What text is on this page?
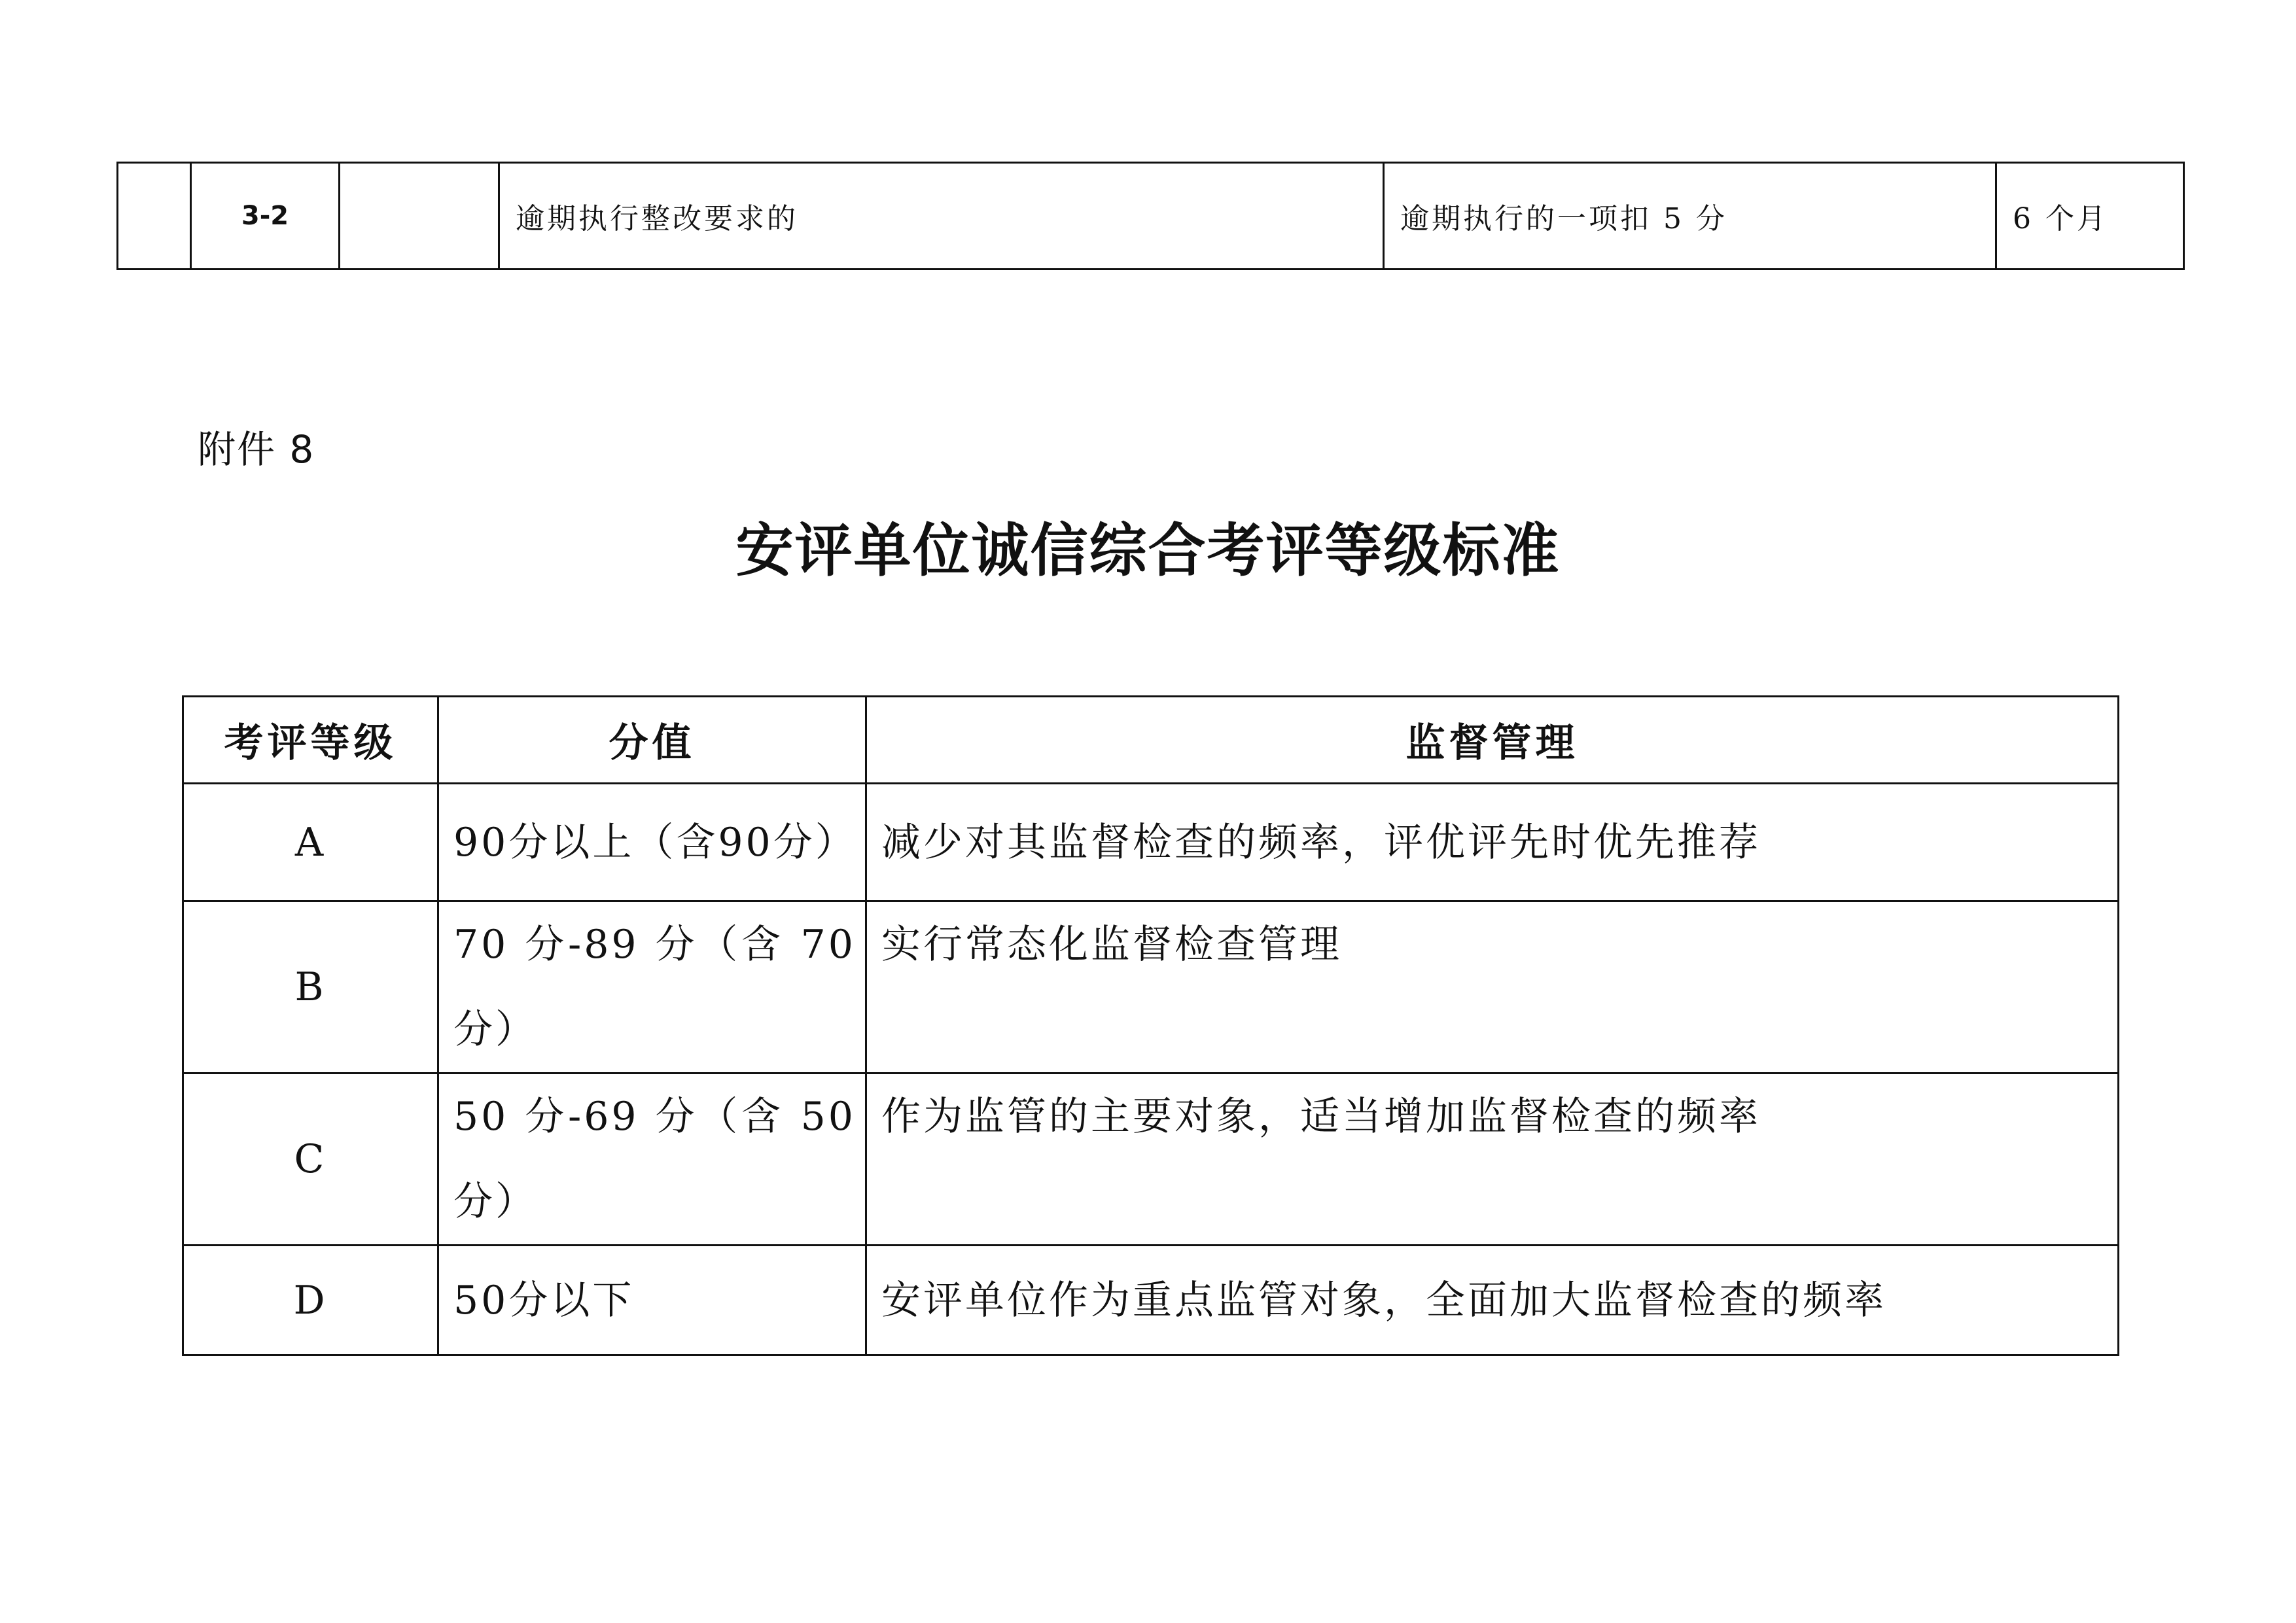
	3-2		逾期执行整改要求的	逾期执行的一项扣 5 分	6 个月
附件 8
安评单位诚信综合考评等级标准
考评等级	分值	监督管理
A	90分以上（含90分）	减少对其监督检查的频率，评优评先时优先推荐
B	70 分-89 分（含 70 分）	实行常态化监督检查管理
C	50 分-69 分（含 50 分）	作为监管的主要对象，适当增加监督检查的频率
D	50分以下	安评单位作为重点监管对象，全面加大监督检查的频率
